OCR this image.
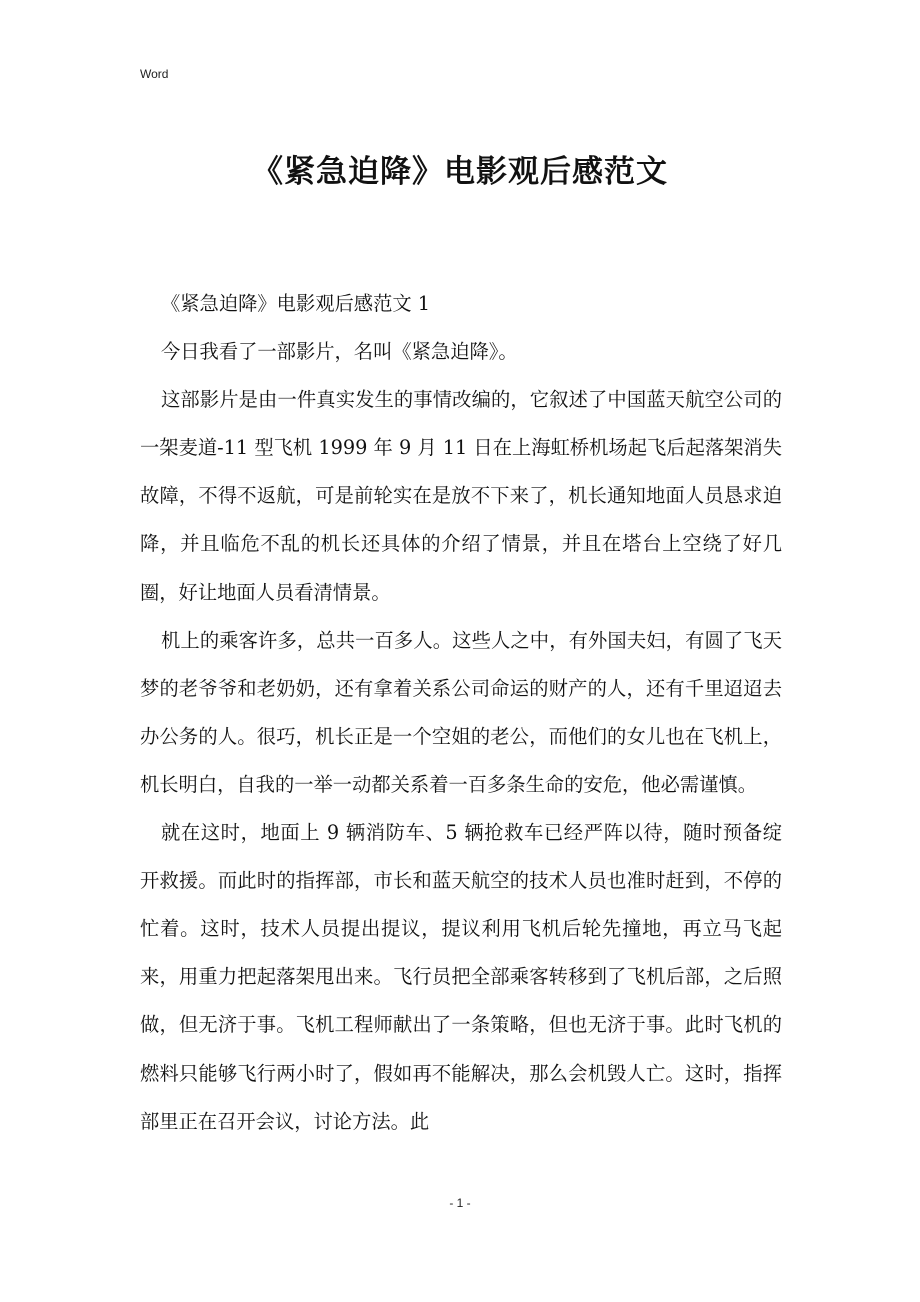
Word
《紧急迫降》电影观后感范文

《紧急迫降》电影观后感范文 1

今日我看了一部影片，名叫《紧急迫降》。

这部影片是由一件真实发生的事情改编的，它叙述了中国蓝天航空公司的一架麦道-11 型飞机 1999 年 9 月 11 日在上海虹桥机场起飞后起落架消失故障，不得不返航，可是前轮实在是放不下来了，机长通知地面人员恳求迫降，并且临危不乱的机长还具体的介绍了情景，并且在塔台上空绕了好几圈，好让地面人员看清情景。

机上的乘客许多，总共一百多人。这些人之中，有外国夫妇，有圆了飞天梦的老爷爷和老奶奶，还有拿着关系公司命运的财产的人，还有千里迢迢去办公务的人。很巧，机长正是一个空姐的老公，而他们的女儿也在飞机上，机长明白，自我的一举一动都关系着一百多条生命的安危，他必需谨慎。

就在这时，地面上 9 辆消防车、5 辆抢救车已经严阵以待，随时预备绽开救援。而此时的指挥部，市长和蓝天航空的技术人员也准时赶到，不停的忙着。这时，技术人员提出提议，提议利用飞机后轮先撞地，再立马飞起来，用重力把起落架甩出来。飞行员把全部乘客转移到了飞机后部，之后照做，但无济于事。飞机工程师献出了一条策略，但也无济于事。此时飞机的燃料只能够飞行两小时了，假如再不能解决，那么会机毁人亡。这时，指挥部里正在召开会议，讨论方法。此

- 1 -
